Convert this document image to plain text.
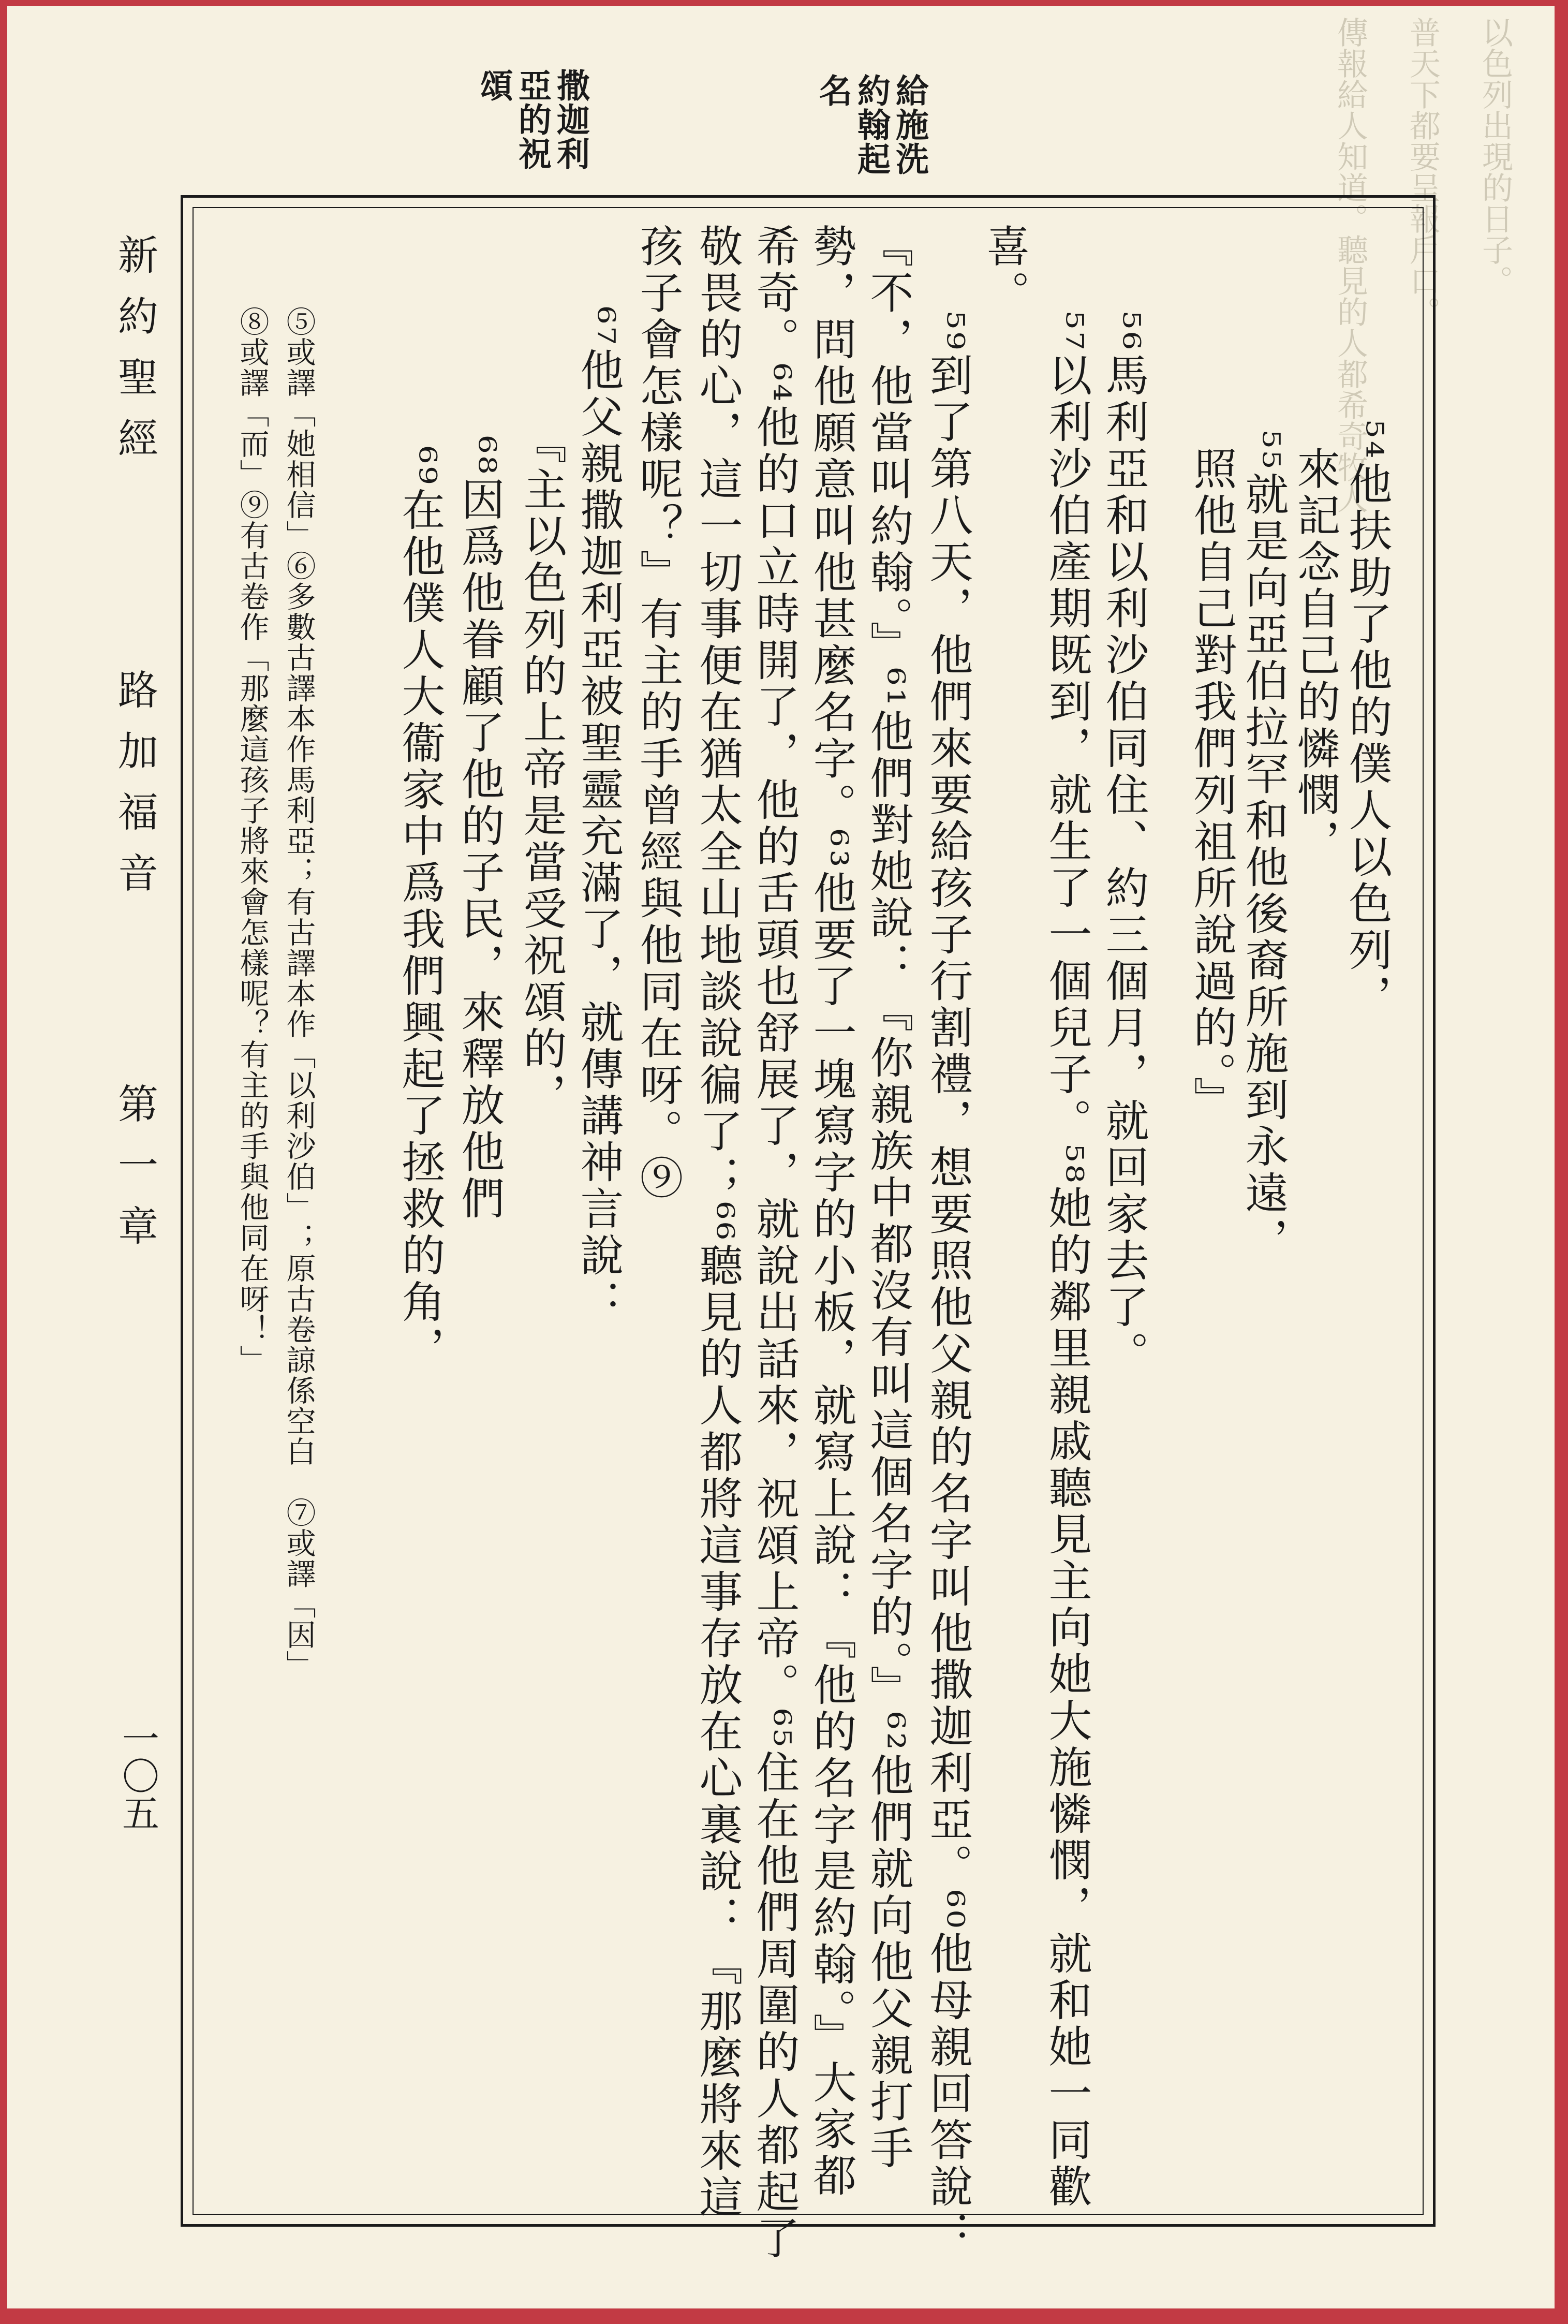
以色列出現的日子。
普天下都要呈報戶口。
傳報給人知道。聽見的人都希奇牧人
給施洗約翰起名
撒迦利亞的祝頌
新約聖經
路加福音
第一章
一〇五
⁵⁴他扶助了他的僕人以色列，
來記念自己的憐憫，
⁵⁵就是向亞伯拉罕和他後裔所施到永遠，
照他自己對我們列祖所說過的。』
喜。
⁵⁶馬利亞和以利沙伯同住、約三個月，就回家去了。
⁵⁷以利沙伯產期既到，就生了一個兒子。⁵⁸她的鄰里親戚聽見主向她大施憐憫，就和她一同歡
⁵⁹到了第八天，他們來要給孩子行割禮，想要照他父親的名字叫他撒迦利亞。⁶⁰他母親回答說：
『不，他當叫約翰。』⁶¹他們對她說：『你親族中都沒有叫這個名字的。』⁶²他們就向他父親打手
勢，問他願意叫他甚麼名字。⁶³他要了一塊寫字的小板，就寫上說：『他的名字是約翰。』大家都
希奇。⁶⁴他的口立時開了，他的舌頭也舒展了，就說出話來，祝頌上帝。⁶⁵住在他們周圍的人都起了
敬畏的心，這一切事便在猶太全山地談說徧了；⁶⁶聽見的人都將這事存放在心裏說：『那麼將來這
孩子會怎樣呢？』有主的手曾經與他同在呀。⑨
⁶⁷他父親撒迦利亞被聖靈充滿了，就傳講神言說：
『主以色列的上帝是當受祝頌的，
⁶⁸因爲他眷顧了他的子民，來釋放他們
⁶⁹在他僕人大衞家中爲我們興起了拯救的角，
⑤或譯「她相信」⑥多數古譯本作馬利亞；有古譯本作「以利沙伯」；原古卷諒係空白　⑦或譯「因」
⑧或譯「而」⑨有古卷作「那麼這孩子將來會怎樣呢？有主的手與他同在呀！」
